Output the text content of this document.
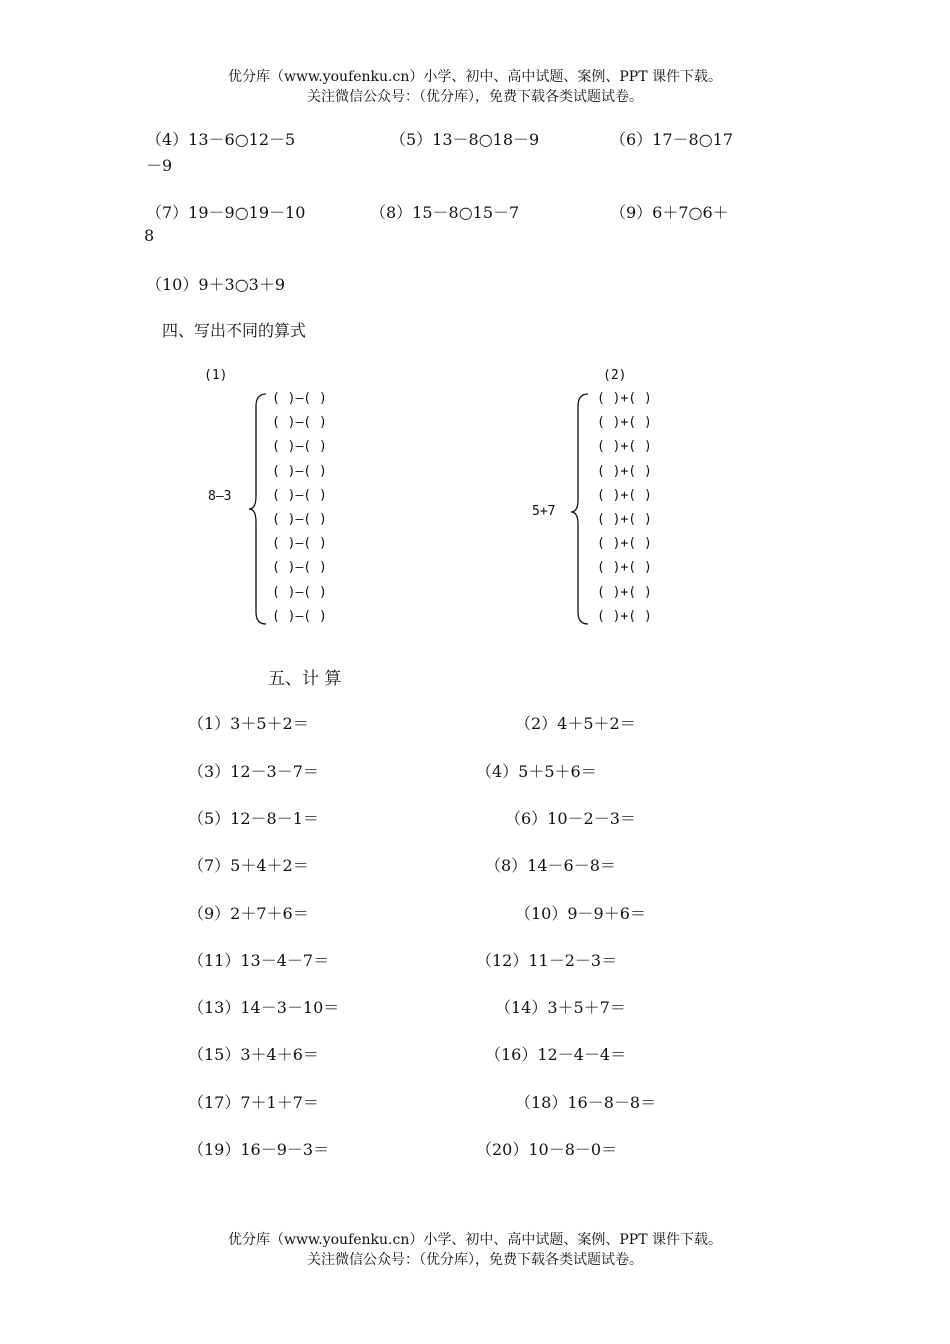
优分库（www.youfenku.cn）小学、初中、高中试题、案例、PPT 课件下载。
关注微信公众号：（优分库），免费下载各类试题试卷。
（4）13－6○12－5	（5）13－8○18－9	（6）17－8○17
－9
（7）19－9○19－10	（8）15－8○15－7	（9）6＋7○6＋
8
（10）9＋3○3＋9
四、写出不同的算式
(1)
8—3
( )—( )
( )—( )
( )—( )
( )—( )
( )—( )
( )—( )
( )—( )
( )—( )
( )—( )
( )—( )
(2)
5+7
( )+( )
( )+( )
( )+( )
( )+( )
( )+( )
( )+( )
( )+( )
( )+( )
( )+( )
( )+( )
五、计 算
（1）3＋5＋2＝	（2）4＋5＋2＝
（3）12－3－7＝	（4）5＋5＋6＝
（5）12－8－1＝	（6）10－2－3＝
（7）5＋4＋2＝	（8）14－6－8＝
（9）2＋7＋6＝	（10）9－9＋6＝
（11）13－4－7＝	（12）11－2－3＝
（13）14－3－10＝	（14）3＋5＋7＝
（15）3＋4＋6＝	（16）12－4－4＝
（17）7＋1＋7＝	（18）16－8－8＝
（19）16－9－3＝	（20）10－8－0＝
优分库（www.youfenku.cn）小学、初中、高中试题、案例、PPT 课件下载。
关注微信公众号：（优分库），免费下载各类试题试卷。
